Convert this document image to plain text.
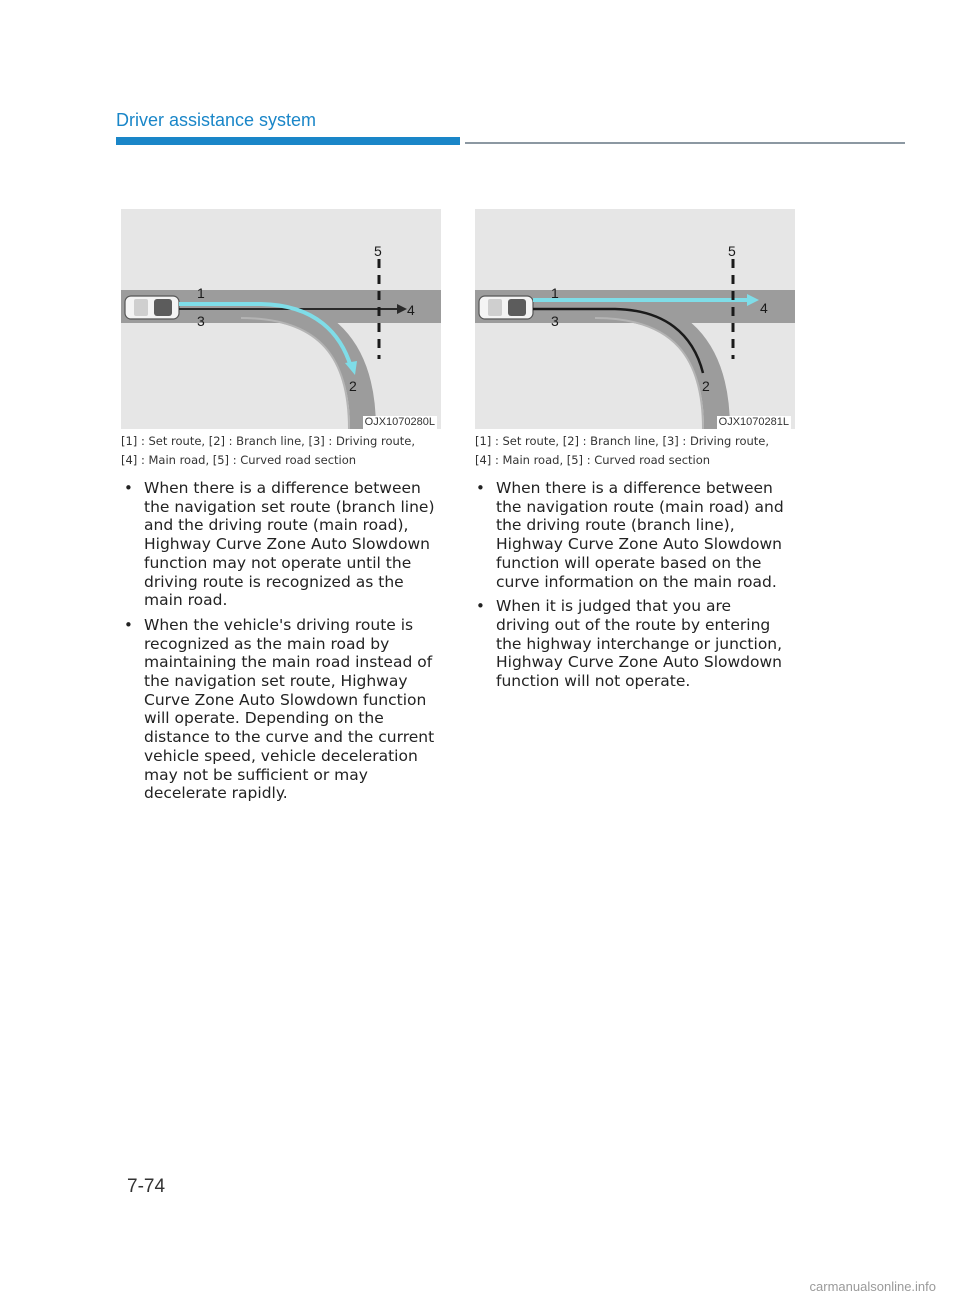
Driver assistance system
1
2
3
4
5
OJX1070280L
[1] : Set route, [2] : Branch line, [3] : Driving route,
[4] : Main road, [5] : Curved road section
1
2
3
4
5
OJX1070281L
[1] : Set route, [2] : Branch line, [3] : Driving route,
[4] : Main road, [5] : Curved road section
• When there is a difference between the navigation set route (branch line) and the driving route (main road), Highway Curve Zone Auto Slowdown function may not operate until the driving route is recognized as the main road.
• When the vehicle's driving route is recognized as the main road by maintaining the main road instead of the navigation set route, Highway Curve Zone Auto Slowdown function will operate. Depending on the distance to the curve and the current vehicle speed, vehicle deceleration may not be sufficient or may decelerate rapidly.
• When there is a difference between the navigation route (main road) and the driving route (branch line), Highway Curve Zone Auto Slowdown function will operate based on the curve information on the main road.
• When it is judged that you are driving out of the route by entering the highway interchange or junction, Highway Curve Zone Auto Slowdown function will not operate.
7-74
carmanualsonline.info
